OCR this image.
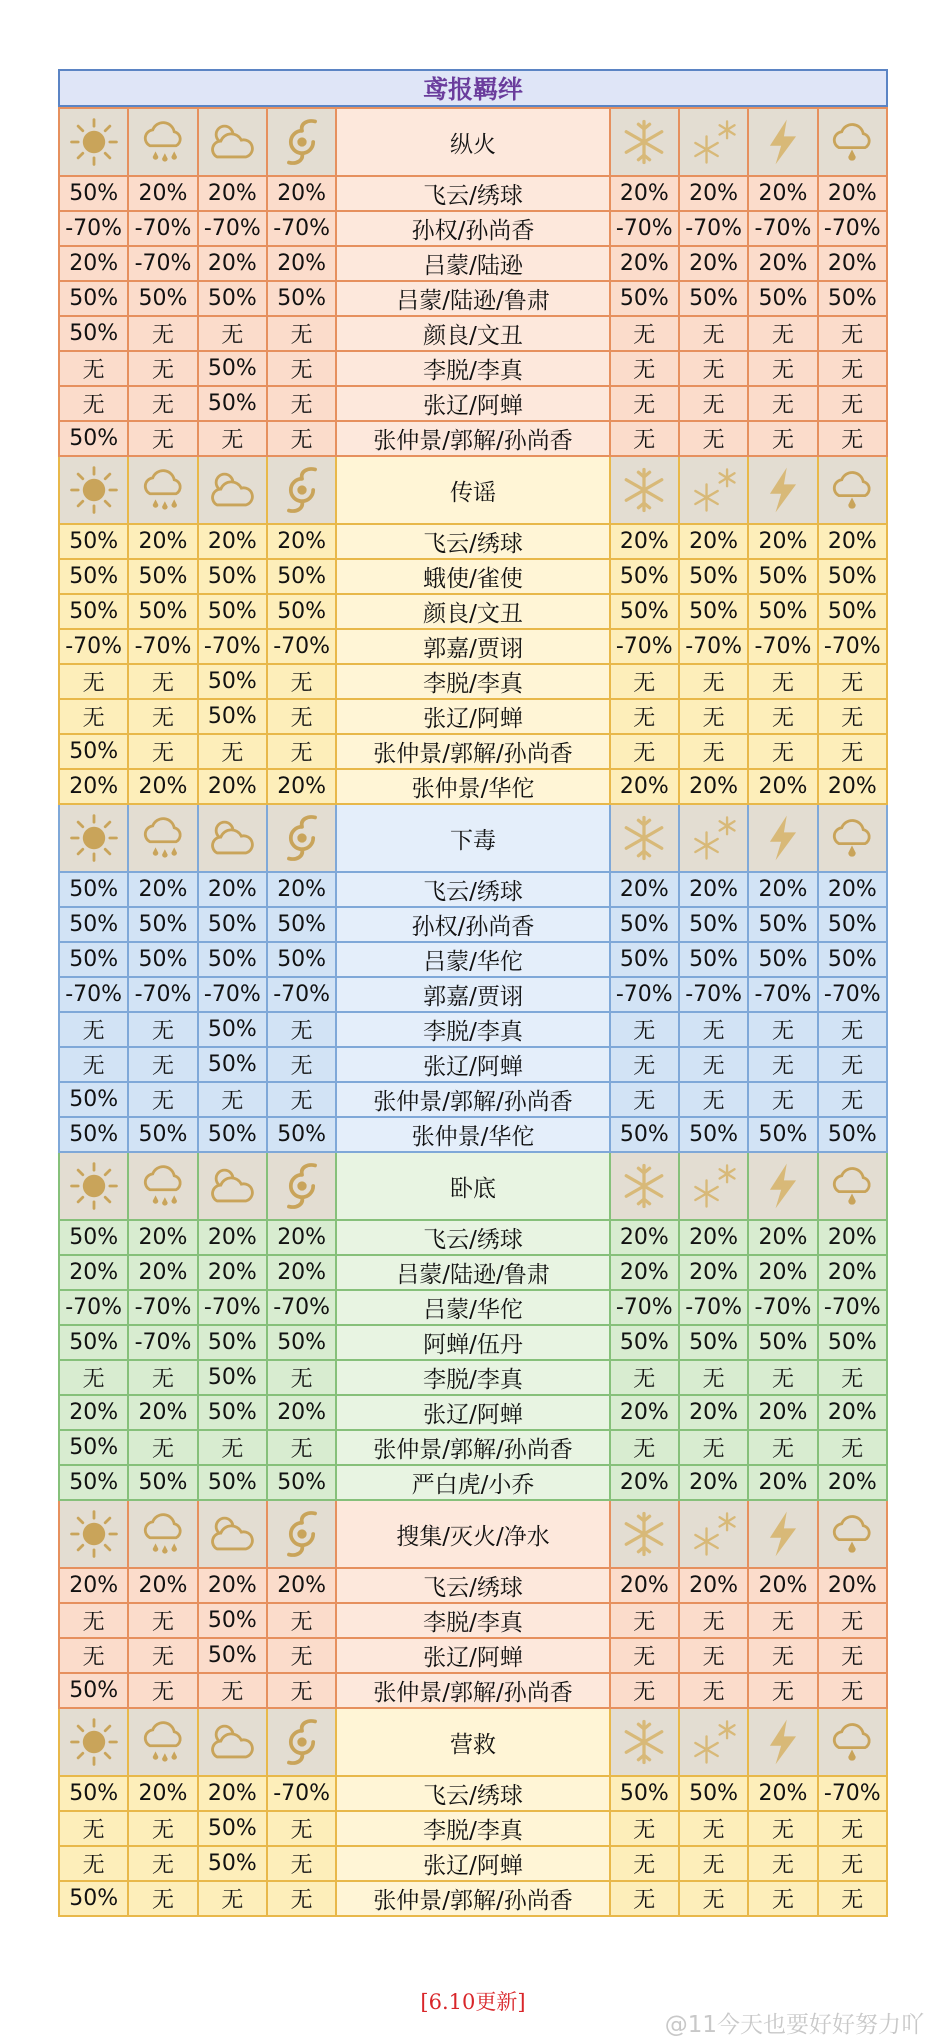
鸢报羁绊

	纵火	

50%	20%	20%	20%	飞云/绣球	20%	20%	20%	20%
-70%	-70%	-70%	-70%	孙权/孙尚香	-70%	-70%	-70%	-70%
20%	-70%	20%	20%	吕蒙/陆逊	20%	20%	20%	20%
50%	50%	50%	50%	吕蒙/陆逊/鲁肃	50%	50%	50%	50%
50%	无	无	无	颜良/文丑	无	无	无	无
无	无	50%	无	李脱/李真	无	无	无	无
无	无	50%	无	张辽/阿蝉	无	无	无	无
50%	无	无	无	张仲景/郭解/孙尚香	无	无	无	无

	传谣	

50%	20%	20%	20%	飞云/绣球	20%	20%	20%	20%
50%	50%	50%	50%	蛾使/雀使	50%	50%	50%	50%
50%	50%	50%	50%	颜良/文丑	50%	50%	50%	50%
-70%	-70%	-70%	-70%	郭嘉/贾诩	-70%	-70%	-70%	-70%
无	无	50%	无	李脱/李真	无	无	无	无
无	无	50%	无	张辽/阿蝉	无	无	无	无
50%	无	无	无	张仲景/郭解/孙尚香	无	无	无	无
20%	20%	20%	20%	张仲景/华佗	20%	20%	20%	20%

	下毒	

50%	20%	20%	20%	飞云/绣球	20%	20%	20%	20%
50%	50%	50%	50%	孙权/孙尚香	50%	50%	50%	50%
50%	50%	50%	50%	吕蒙/华佗	50%	50%	50%	50%
-70%	-70%	-70%	-70%	郭嘉/贾诩	-70%	-70%	-70%	-70%
无	无	50%	无	李脱/李真	无	无	无	无
无	无	50%	无	张辽/阿蝉	无	无	无	无
50%	无	无	无	张仲景/郭解/孙尚香	无	无	无	无
50%	50%	50%	50%	张仲景/华佗	50%	50%	50%	50%

	卧底	

50%	20%	20%	20%	飞云/绣球	20%	20%	20%	20%
20%	20%	20%	20%	吕蒙/陆逊/鲁肃	20%	20%	20%	20%
-70%	-70%	-70%	-70%	吕蒙/华佗	-70%	-70%	-70%	-70%
50%	-70%	50%	50%	阿蝉/伍丹	50%	50%	50%	50%
无	无	50%	无	李脱/李真	无	无	无	无
20%	20%	50%	20%	张辽/阿蝉	20%	20%	20%	20%
50%	无	无	无	张仲景/郭解/孙尚香	无	无	无	无
50%	50%	50%	50%	严白虎/小乔	20%	20%	20%	20%

	搜集/灭火/净水	

20%	20%	20%	20%	飞云/绣球	20%	20%	20%	20%
无	无	50%	无	李脱/李真	无	无	无	无
无	无	50%	无	张辽/阿蝉	无	无	无	无
50%	无	无	无	张仲景/郭解/孙尚香	无	无	无	无

	营救	

50%	20%	20%	-70%	飞云/绣球	50%	50%	20%	-70%
无	无	50%	无	李脱/李真	无	无	无	无
无	无	50%	无	张辽/阿蝉	无	无	无	无
50%	无	无	无	张仲景/郭解/孙尚香	无	无	无	无
[6.10更新]
@11今天也要好好努力吖
